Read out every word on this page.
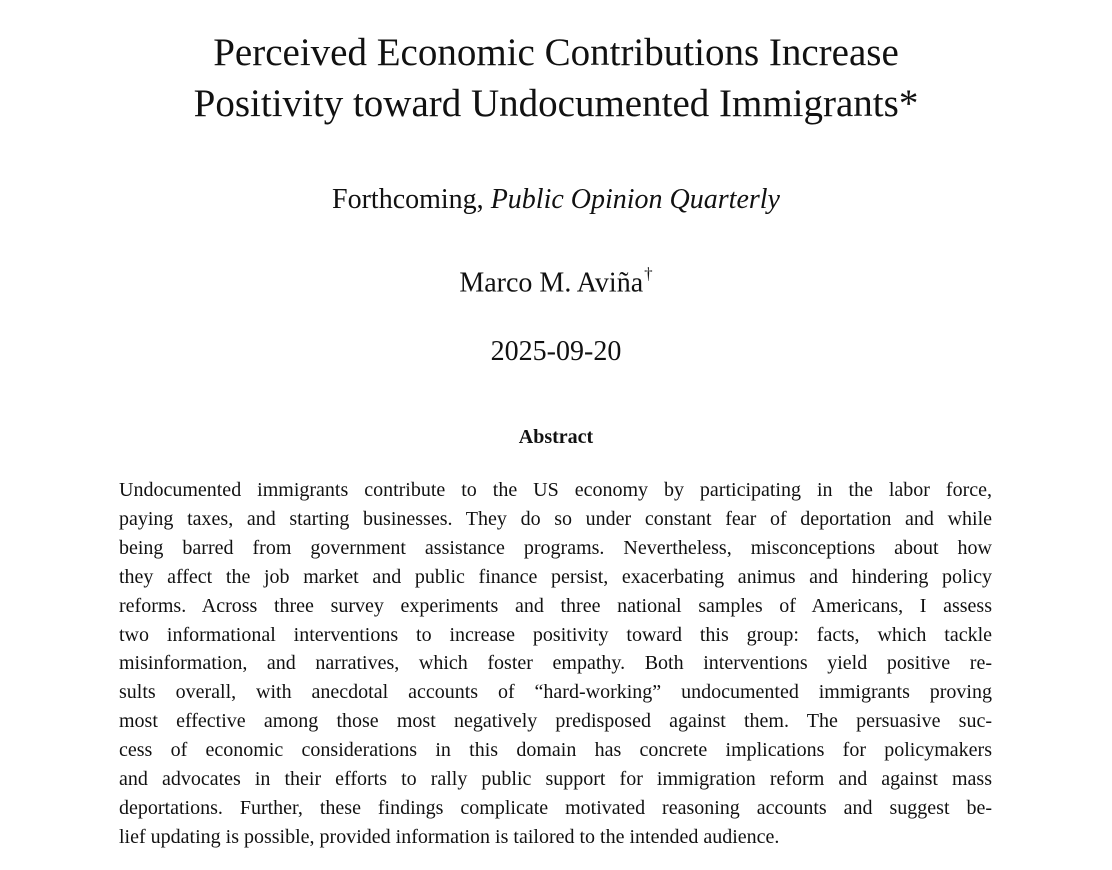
Perceived Economic Contributions Increase
Positivity toward Undocumented Immigrants*
Forthcoming, Public Opinion Quarterly
Marco M. Aviña†
2025-09-20
Abstract
Undocumented immigrants contribute to the US economy by participating in the labor force,
paying taxes, and starting businesses. They do so under constant fear of deportation and while
being barred from government assistance programs. Nevertheless, misconceptions about how
they affect the job market and public finance persist, exacerbating animus and hindering policy
reforms. Across three survey experiments and three national samples of Americans, I assess
two informational interventions to increase positivity toward this group: facts, which tackle
misinformation, and narratives, which foster empathy. Both interventions yield positive re-
sults overall, with anecdotal accounts of “hard-working” undocumented immigrants proving
most effective among those most negatively predisposed against them. The persuasive suc-
cess of economic considerations in this domain has concrete implications for policymakers
and advocates in their efforts to rally public support for immigration reform and against mass
deportations. Further, these findings complicate motivated reasoning accounts and suggest be-
lief updating is possible, provided information is tailored to the intended audience.
